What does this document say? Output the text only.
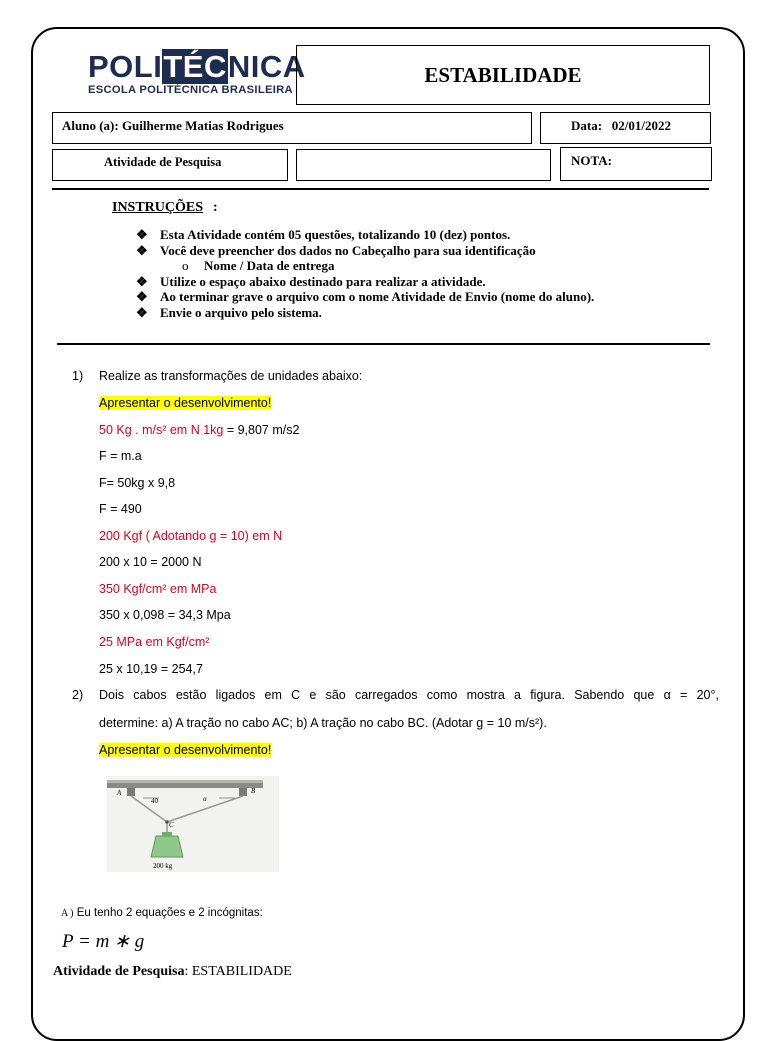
POLITÉCNICA
ESCOLA POLITÉCNICA BRASILEIRA
ESTABILIDADE
Aluno (a): Guilherme Matias Rodrigues	Data: 02/01/2022
Atividade de Pesquisa	NOTA:
INSTRUÇÕES :
❖ Esta Atividade contém 05 questões, totalizando 10 (dez) pontos.
❖ Você deve preencher dos dados no Cabeçalho para sua identificação
o Nome / Data de entrega
❖ Utilize o espaço abaixo destinado para realizar a atividade.
❖ Ao terminar grave o arquivo com o nome Atividade de Envio (nome do aluno).
❖ Envie o arquivo pelo sistema.
1) Realize as transformações de unidades abaixo:
Apresentar o desenvolvimento!
50 Kg . m/s² em N 1kg = 9,807 m/s2
F = m.a
F= 50kg x 9,8
F = 490
200 Kgf ( Adotando g = 10) em N
200 x 10 = 2000 N
350 Kgf/cm² em MPa
350 x 0,098 = 34,3 Mpa
25 MPa em Kgf/cm²
25 x 10,19 = 254,7
2) Dois cabos estão ligados em C e são carregados como mostra a figura. Sabendo que α = 20°,
determine: a) A tração no cabo AC; b) A tração no cabo BC. (Adotar g = 10 m/s²).
Apresentar o desenvolvimento!
A	B
C
40	α
200 kg
A ) Eu tenho 2 equações e 2 incógnitas:
P = m ∗ g
Atividade de Pesquisa: ESTABILIDADE
